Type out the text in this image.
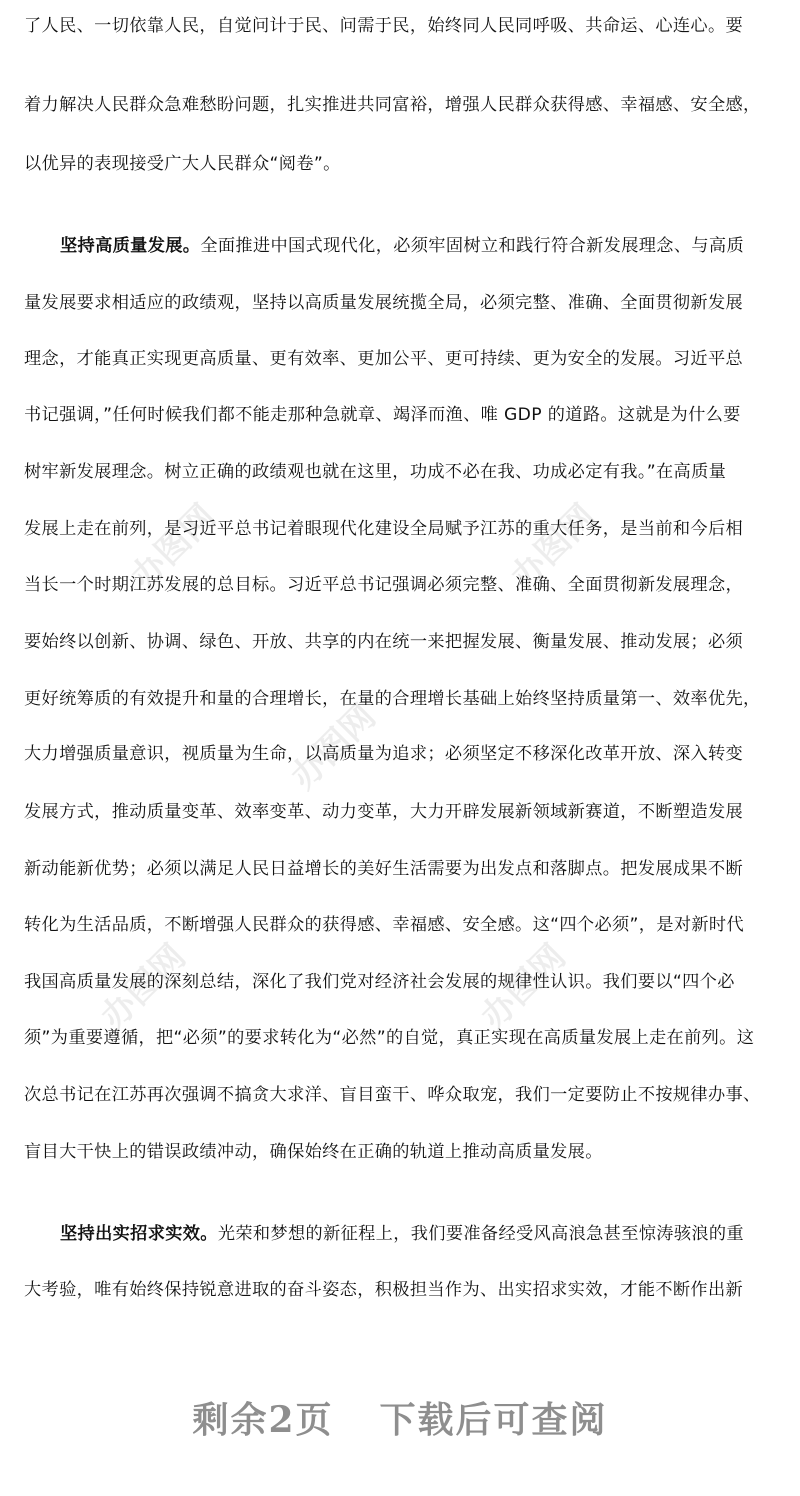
办图网	办图网
办图网
办图网	办图网
了人民、一切依靠人民，自觉问计于民、问需于民，始终同人民同呼吸、共命运、心连心。要
着力解决人民群众急难愁盼问题，扎实推进共同富裕，增强人民群众获得感、幸福感、安全感，
以优异的表现接受广大人民群众“阅卷”。
坚持高质量发展。全面推进中国式现代化，必须牢固树立和践行符合新发展理念、与高质
量发展要求相适应的政绩观，坚持以高质量发展统揽全局，必须完整、准确、全面贯彻新发展
理念，才能真正实现更高质量、更有效率、更加公平、更可持续、更为安全的发展。习近平总
书记强调，”任何时候我们都不能走那种急就章、竭泽而渔、唯 GDP 的道路。这就是为什么要
树牢新发展理念。树立正确的政绩观也就在这里，功成不必在我、功成必定有我。”在高质量
发展上走在前列，是习近平总书记着眼现代化建设全局赋予江苏的重大任务，是当前和今后相
当长一个时期江苏发展的总目标。习近平总书记强调必须完整、准确、全面贯彻新发展理念，
要始终以创新、协调、绿色、开放、共享的内在统一来把握发展、衡量发展、推动发展；必须
更好统筹质的有效提升和量的合理增长，在量的合理增长基础上始终坚持质量第一、效率优先，
大力增强质量意识，视质量为生命，以高质量为追求；必须坚定不移深化改革开放、深入转变
发展方式，推动质量变革、效率变革、动力变革，大力开辟发展新领域新赛道，不断塑造发展
新动能新优势；必须以满足人民日益增长的美好生活需要为出发点和落脚点。把发展成果不断
转化为生活品质，不断增强人民群众的获得感、幸福感、安全感。这“四个必须”，是对新时代
我国高质量发展的深刻总结，深化了我们党对经济社会发展的规律性认识。我们要以“四个必
须”为重要遵循，把“必须”的要求转化为“必然”的自觉，真正实现在高质量发展上走在前列。这
次总书记在江苏再次强调不搞贪大求洋、盲目蛮干、哗众取宠，我们一定要防止不按规律办事、
盲目大干快上的错误政绩冲动，确保始终在正确的轨道上推动高质量发展。
坚持出实招求实效。光荣和梦想的新征程上，我们要准备经受风高浪急甚至惊涛骇浪的重
大考验，唯有始终保持锐意进取的奋斗姿态，积极担当作为、出实招求实效，才能不断作出新
剩余2页 下载后可查阅
